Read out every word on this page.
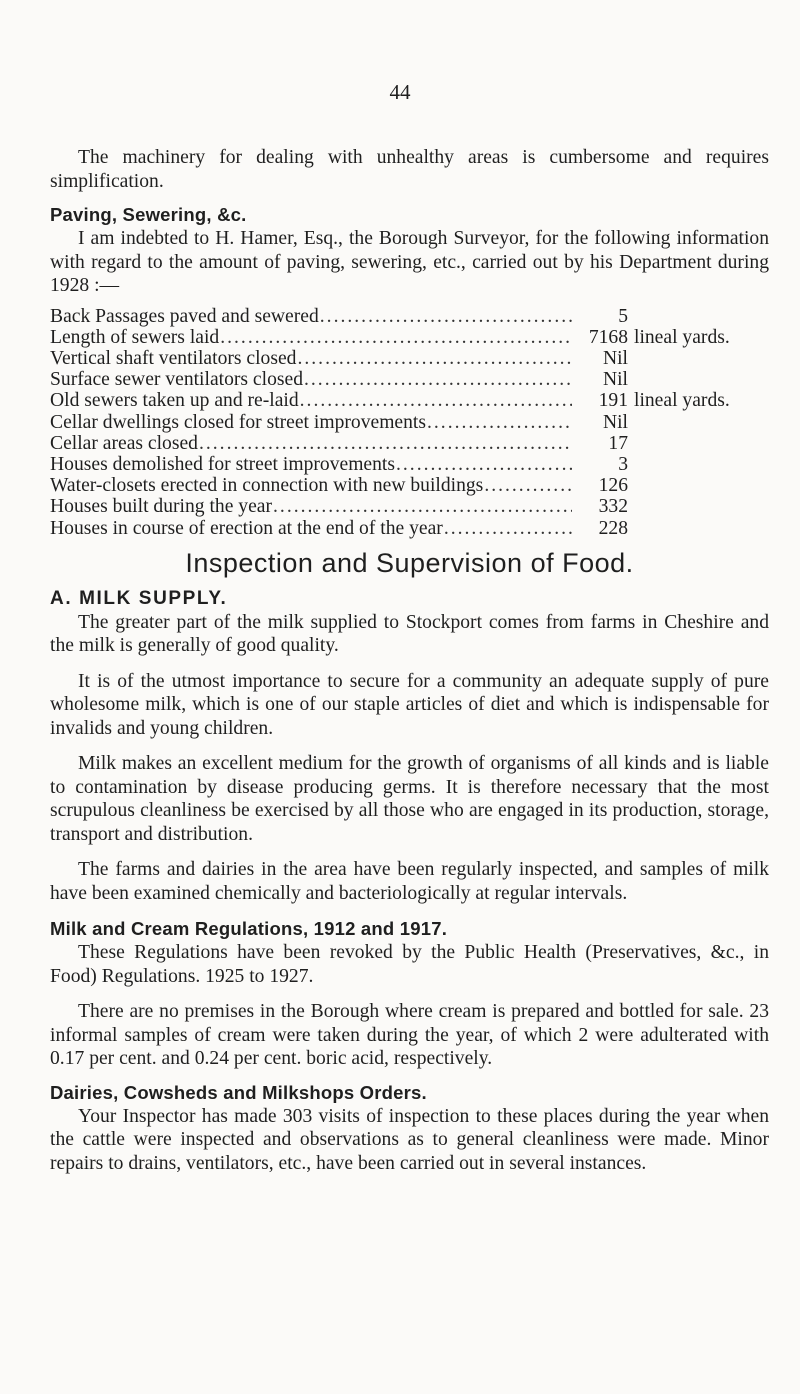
44

The machinery for dealing with unhealthy areas is cumbersome and requires simplification.

Paving, Sewering, &c.

I am indebted to H. Hamer, Esq., the Borough Surveyor, for the following information with regard to the amount of paving, sewering, etc., carried out by his Department during 1928 :—

Back Passages paved and sewered .....	5
Length of sewers laid .....	7168 lineal yards.
Vertical shaft ventilators closed .....	Nil
Surface sewer ventilators closed .....	Nil
Old sewers taken up and re-laid .....	191 lineal yards.
Cellar dwellings closed for street improvements .....	Nil
Cellar areas closed .....	17
Houses demolished for street improvements .....	3
Water-closets erected in connection with new buildings .....	126
Houses built during the year .....	332
Houses in course of erection at the end of the year .....	228
Inspection and Supervision of Food.
A. MILK SUPPLY.

The greater part of the milk supplied to Stockport comes from farms in Cheshire and the milk is generally of good quality.

It is of the utmost importance to secure for a community an adequate supply of pure wholesome milk, which is one of our staple articles of diet and which is indispensable for invalids and young children.

Milk makes an excellent medium for the growth of organisms of all kinds and is liable to contamination by disease producing germs. It is therefore necessary that the most scrupulous cleanliness be exercised by all those who are engaged in its production, storage, transport and distribution.

The farms and dairies in the area have been regularly inspected, and samples of milk have been examined chemically and bacteriologically at regular intervals.

Milk and Cream Regulations, 1912 and 1917.

These Regulations have been revoked by the Public Health (Preservatives, &c., in Food) Regulations. 1925 to 1927.

There are no premises in the Borough where cream is prepared and bottled for sale. 23 informal samples of cream were taken during the year, of which 2 were adulterated with 0.17 per cent. and 0.24 per cent. boric acid, respectively.

Dairies, Cowsheds and Milkshops Orders.

Your Inspector has made 303 visits of inspection to these places during the year when the cattle were inspected and observations as to general cleanliness were made. Minor repairs to drains, ventilators, etc., have been carried out in several instances.
